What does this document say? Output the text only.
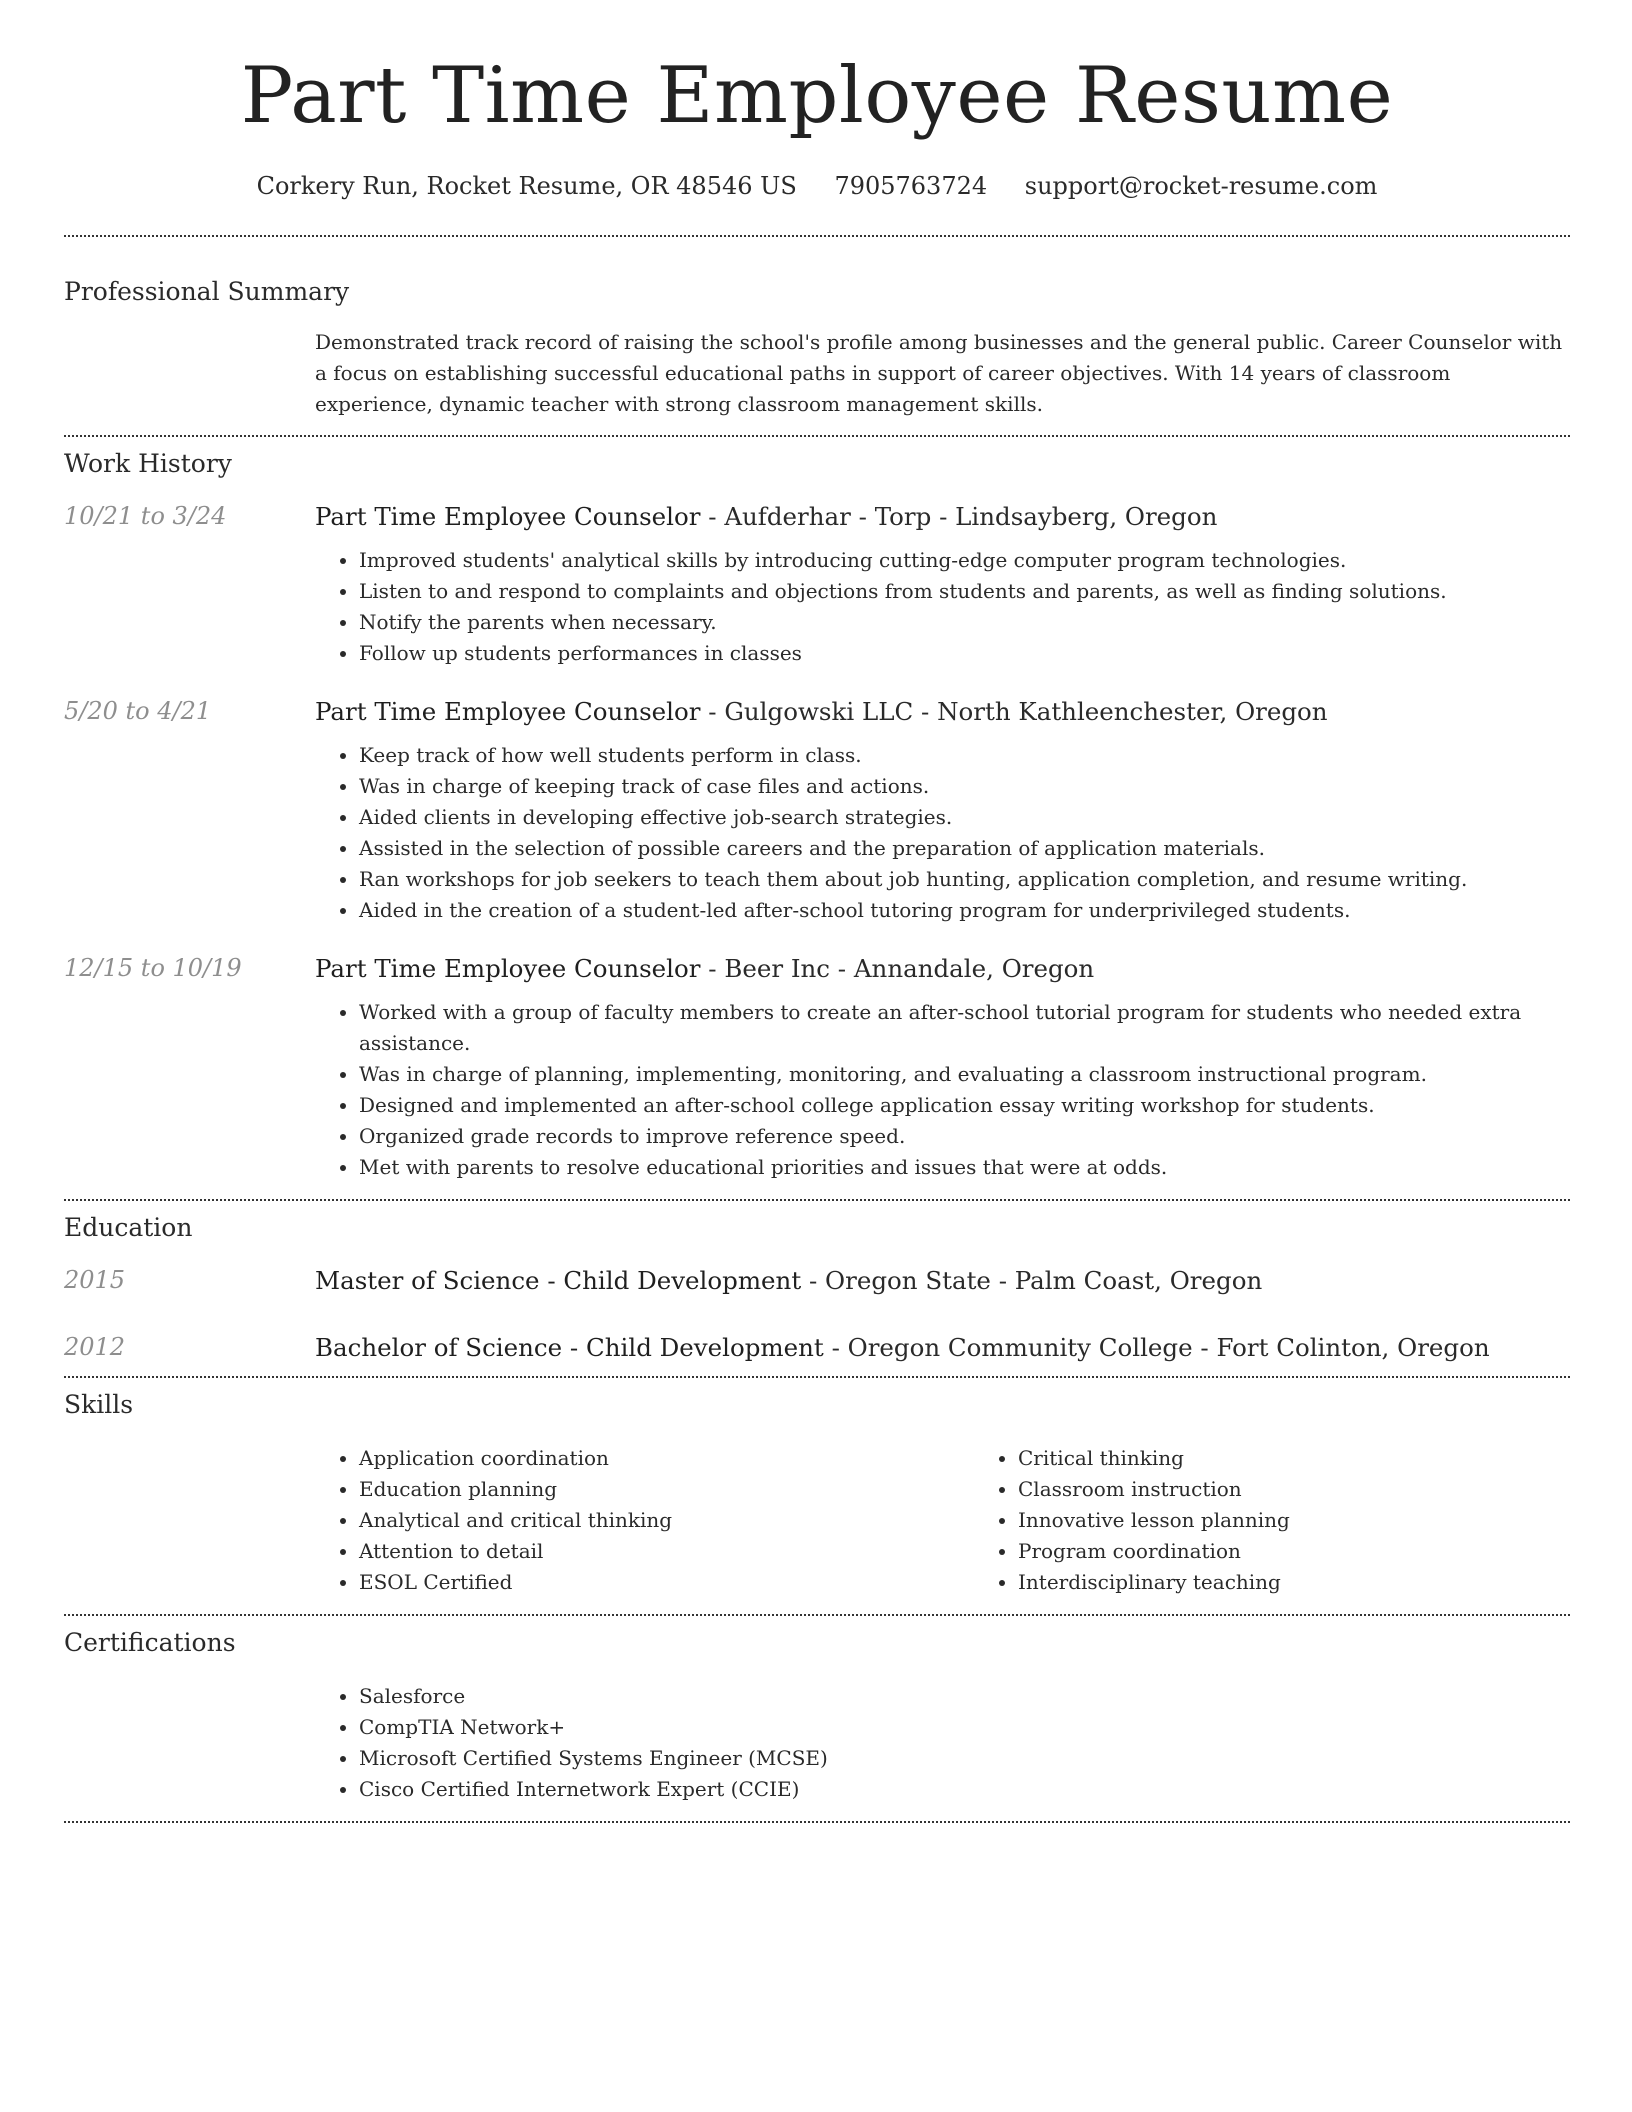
Part Time Employee Resume
Corkery Run, Rocket Resume, OR 48546 US 7905763724 support@rocket-resume.com
Professional Summary
Demonstrated track record of raising the school's profile among businesses and the general public. Career Counselor with a focus on establishing successful educational paths in support of career objectives. With 14 years of classroom experience, dynamic teacher with strong classroom management skills.
Work History
10/21 to 3/24	Part Time Employee Counselor - Aufderhar - Torp - Lindsayberg, Oregon
• Improved students' analytical skills by introducing cutting-edge computer program technologies.
• Listen to and respond to complaints and objections from students and parents, as well as finding solutions.
• Notify the parents when necessary.
• Follow up students performances in classes
5/20 to 4/21	Part Time Employee Counselor - Gulgowski LLC - North Kathleenchester, Oregon
• Keep track of how well students perform in class.
• Was in charge of keeping track of case files and actions.
• Aided clients in developing effective job-search strategies.
• Assisted in the selection of possible careers and the preparation of application materials.
• Ran workshops for job seekers to teach them about job hunting, application completion, and resume writing.
• Aided in the creation of a student-led after-school tutoring program for underprivileged students.
12/15 to 10/19	Part Time Employee Counselor - Beer Inc - Annandale, Oregon
• Worked with a group of faculty members to create an after-school tutorial program for students who needed extra assistance.
• Was in charge of planning, implementing, monitoring, and evaluating a classroom instructional program.
• Designed and implemented an after-school college application essay writing workshop for students.
• Organized grade records to improve reference speed.
• Met with parents to resolve educational priorities and issues that were at odds.
Education
2015	Master of Science - Child Development - Oregon State - Palm Coast, Oregon
2012	Bachelor of Science - Child Development - Oregon Community College - Fort Colinton, Oregon
Skills
• Application coordination
• Education planning
• Analytical and critical thinking
• Attention to detail
• ESOL Certified
• Critical thinking
• Classroom instruction
• Innovative lesson planning
• Program coordination
• Interdisciplinary teaching
Certifications
• Salesforce
• CompTIA Network+
• Microsoft Certified Systems Engineer (MCSE)
• Cisco Certified Internetwork Expert (CCIE)
